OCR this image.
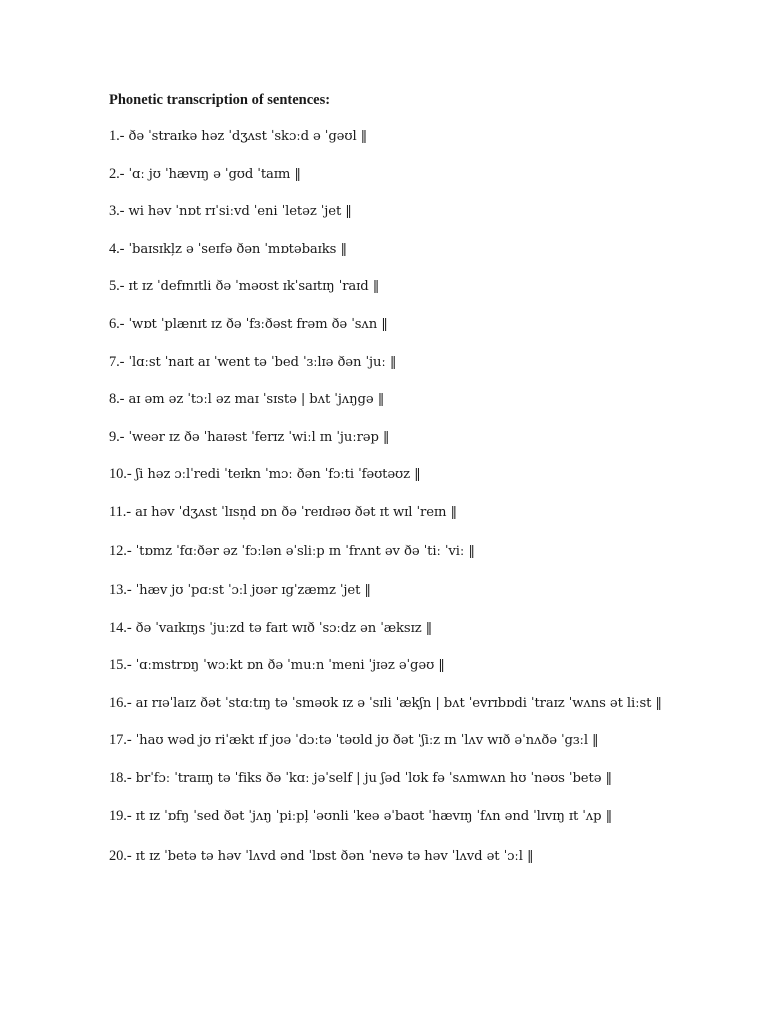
Phonetic transcription of sentences:
1.- ðə ˈstraɪkə həz ˈdʒʌst ˈskɔːd ə ˈgəʊl ‖
2.- ˈɑː jʊ ˈhævɪŋ ə ˈgʊd ˈtaɪm ‖
3.- wi həv ˈnɒt rɪˈsiːvd ˈeni ˈletəz ˈjet ‖
4.- ˈbaɪsɪkļz ə ˈseɪfə ðən ˈmɒtəbaɪks ‖
5.- ɪt ɪz ˈdefɪnɪtli ðə ˈməʊst ɪkˈsaɪtɪŋ ˈraɪd ‖
6.- ˈwɒt ˈplænɪt ɪz ðə ˈfɜːðəst frəm ðə ˈsʌn ‖
7.- ˈlɑːst ˈnaɪt aɪ ˈwent tə ˈbed ˈɜːlɪə ðən ˈjuː ‖
8.- aɪ əm əz ˈtɔːl əz maɪ ˈsɪstə | bʌt ˈjʌŋgə ‖
9.- ˈweər ɪz ðə ˈhaɪəst ˈferɪz ˈwiːl ɪn ˈjuːrəp ‖
10.- ʃi həz ɔːlˈredi ˈteɪkn ˈmɔː ðən ˈfɔːti ˈfəʊtəʊz ‖
11.- aɪ həv ˈdʒʌst ˈlɪsn̩d ɒn ðə ˈreɪdɪəʊ ðət ɪt wɪl ˈreɪn ‖
12.- ˈtɒmz ˈfɑːðər əz ˈfɔːlən əˈsliːp ɪn ˈfrʌnt əv ðə ˈtiː ˈviː ‖
13.- ˈhæv jʊ ˈpɑːst ˈɔːl jʊər ɪgˈzæmz ˈjet ‖
14.- ðə ˈvaɪkɪŋs ˈjuːzd tə faɪt wɪð ˈsɔːdz ən ˈæksɪz ‖
15.- ˈɑːmstrɒŋ ˈwɔːkt ɒn ðə ˈmuːn ˈmeni ˈjɪəz əˈgəʊ ‖
16.- aɪ rɪəˈlaɪz ðət ˈstɑːtɪŋ tə ˈsməʊk ɪz ə ˈsɪli ˈækʃn | bʌt ˈevrɪbɒdi ˈtraɪz ˈwʌns ət liːst ‖
17.- ˈhaʊ wəd jʊ riˈækt ɪf jʊə ˈdɔːtə ˈtəʊld jʊ ðət ˈʃiːz ɪn ˈlʌv wɪð əˈnʌðə ˈgɜːl ‖
18.- brˈfɔː ˈtraɪɪŋ tə ˈfiks ðə ˈkɑː jəˈself | ju ʃəd ˈlʊk fə ˈsʌmwʌn hʊ ˈnəʊs ˈbetə ‖
19.- ɪt ɪz ˈɒfŋ ˈsed ðət ˈjʌŋ ˈpiːpļ ˈəʊnli ˈkeə əˈbaʊt ˈhævɪŋ ˈfʌn ənd ˈlɪvɪŋ ɪt ˈʌp ‖
20.- ɪt ɪz ˈbetə tə həv ˈlʌvd ənd ˈlɒst ðən ˈnevə tə həv ˈlʌvd ət ˈɔːl ‖
